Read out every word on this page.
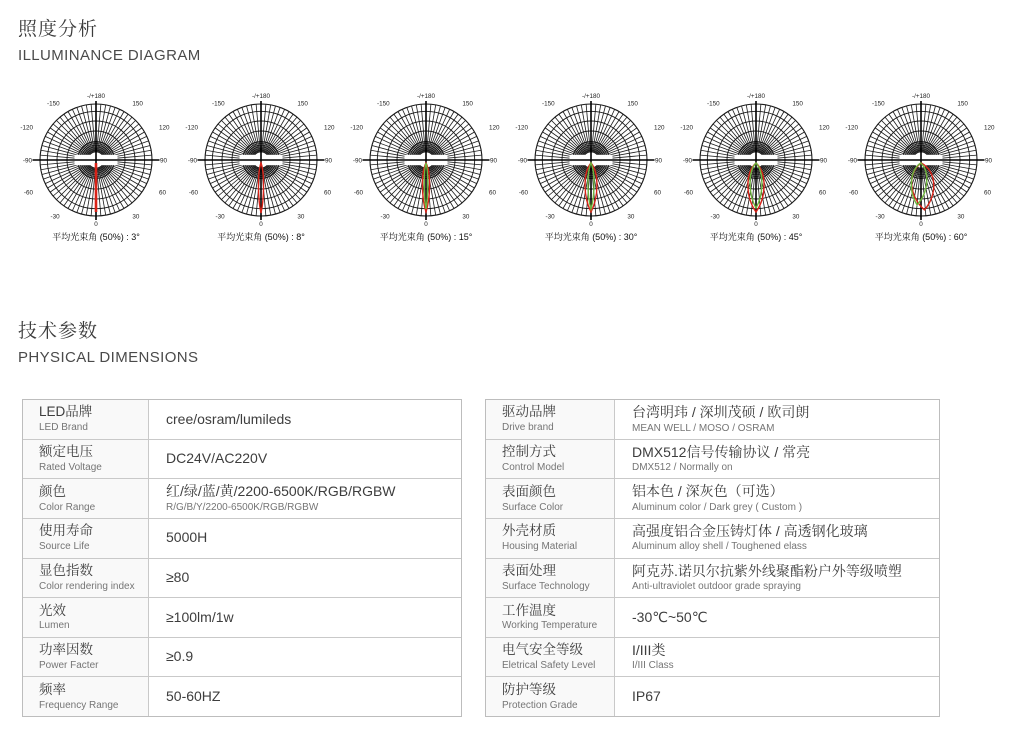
照度分析
ILLUMINANCE DIAGRAM
-/+180
150
120
90
60
30
0
-30
-60
-90
-120
-150
平均光束角 (50%) : 3°
-/+180
150
120
90
60
30
0
-30
-60
-90
-120
-150
平均光束角 (50%) : 8°
-/+180
150
120
90
60
30
0
-30
-60
-90
-120
-150
平均光束角 (50%) : 15°
-/+180
150
120
90
60
30
0
-30
-60
-90
-120
-150
平均光束角 (50%) : 30°
-/+180
150
120
90
60
30
0
-30
-60
-90
-120
-150
平均光束角 (50%) : 45°
-/+180
150
120
90
60
30
0
-30
-60
-90
-120
-150
平均光束角 (50%) : 60°
技术参数
PHYSICAL DIMENSIONS
LED品牌
LED Brand
cree/osram/lumileds
额定电压
Rated Voltage
DC24V/AC220V
颜色
Color Range
红/绿/蓝/黄/2200-6500K/RGB/RGBW
R/G/B/Y/2200-6500K/RGB/RGBW
使用寿命
Source Life
5000H
显色指数
Color rendering index
≥80
光效
Lumen
≥100lm/1w
功率因数
Power Facter
≥0.9
频率
Frequency Range
50-60HZ
驱动品牌
Drive brand
台湾明玮 / 深圳茂硕 / 欧司朗
MEAN WELL / MOSO / OSRAM
控制方式
Control Model
DMX512信号传输协议 / 常亮
DMX512 / Normally on
表面颜色
Surface Color
铝本色 / 深灰色（可选）
Aluminum color / Dark grey ( Custom )
外壳材质
Housing Material
高强度铝合金压铸灯体 / 高透钢化玻璃
Aluminum alloy shell / Toughened elass
表面处理
Surface Technology
阿克苏.诺贝尔抗紫外线聚酯粉户外等级喷塑
Anti-ultraviolet outdoor grade spraying
工作温度
Working Temperature
-30℃~50℃
电气安全等级
Eletrical Safety Level
I/III类
I/III Class
防护等级
Protection Grade
IP67
